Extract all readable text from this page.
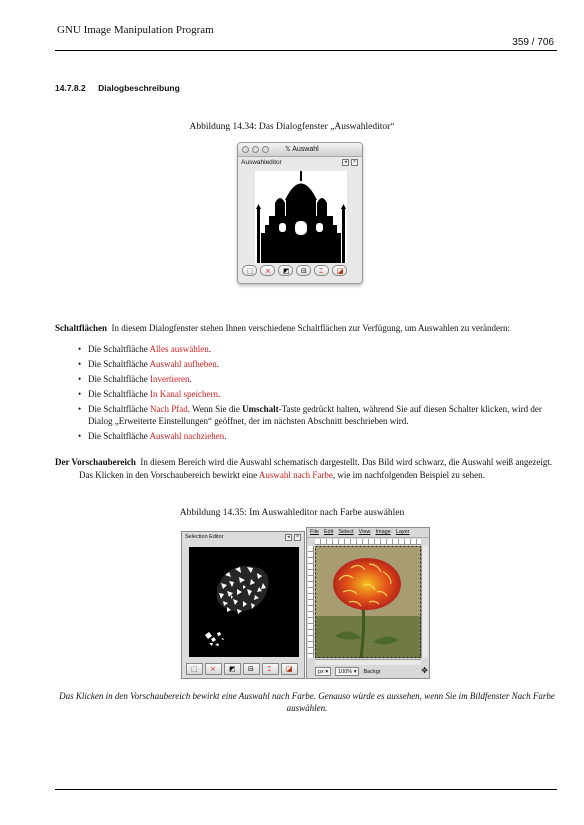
GNU Image Manipulation Program
359 / 706
14.7.8.2 Dialogbeschreibung
Abbildung 14.34: Das Dialogfenster „Auswahleditor“
𝕏 Auswahl
Auswahleditor	◂	×
⬚ × ◩ ⊟ ⌶ ◪
Schaltflächen In diesem Dialogfenster stehen Ihnen verschiedene Schaltflächen zur Verfügung, um Auswahlen zu verändern:
• Die Schaltfläche Alles auswählen.
• Die Schaltfläche Auswahl aufheben.
• Die Schaltfläche Invertieren.
• Die Schaltfläche In Kanal speichern.
• Die Schaltfläche Nach Pfad. Wenn Sie die Umschalt-Taste gedrückt halten, während Sie auf diesen Schalter klicken, wird der Dialog „Erweiterte Einstellungen“ geöffnet, der im nächsten Abschnitt beschrieben wird.
• Die Schaltfläche Auswahl nachziehen.
Der Vorschaubereich In diesem Bereich wird die Auswahl schematisch dargestellt. Das Bild wird schwarz, die Auswahl weiß angezeigt. Das Klicken in den Vorschaubereich bewirkt eine Auswahl nach Farbe, wie im nachfolgenden Beispiel zu sehen.
Abbildung 14.35: Im Auswahleditor nach Farbe auswählen
Selection Editor	◂	×
⬚ × ◩ ⊟ ⌶ ◪
File Edit Select View Image Layer
px ▾	100% ▾	Backgr	✥
Das Klicken in den Vorschaubereich bewirkt eine Auswahl nach Farbe. Genauso würde es aussehen, wenn Sie im Bildfenster Nach Farbe auswählen.
